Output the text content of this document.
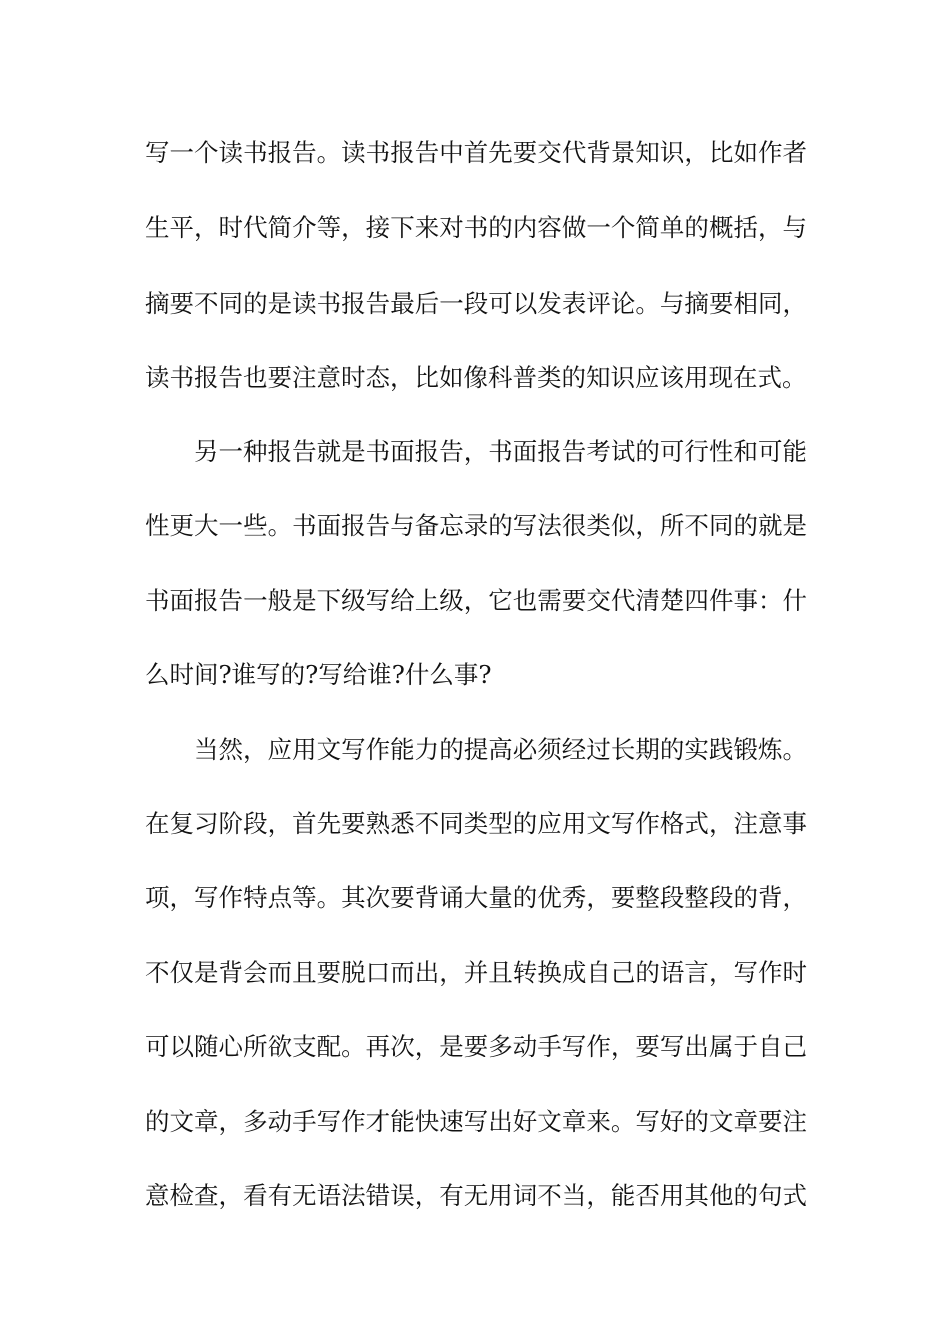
写一个读书报告。读书报告中首先要交代背景知识，比如作者
生平，时代简介等，接下来对书的内容做一个简单的概括，与
摘要不同的是读书报告最后一段可以发表评论。与摘要相同，
读书报告也要注意时态，比如像科普类的知识应该用现在式。
另一种报告就是书面报告，书面报告考试的可行性和可能
性更大一些。书面报告与备忘录的写法很类似，所不同的就是
书面报告一般是下级写给上级，它也需要交代清楚四件事：什
么时间?谁写的?写给谁?什么事?
当然，应用文写作能力的提高必须经过长期的实践锻炼。
在复习阶段，首先要熟悉不同类型的应用文写作格式，注意事
项，写作特点等。其次要背诵大量的优秀，要整段整段的背，
不仅是背会而且要脱口而出，并且转换成自己的语言，写作时
可以随心所欲支配。再次，是要多动手写作，要写出属于自己
的文章，多动手写作才能快速写出好文章来。写好的文章要注
意检查，看有无语法错误，有无用词不当，能否用其他的句式
